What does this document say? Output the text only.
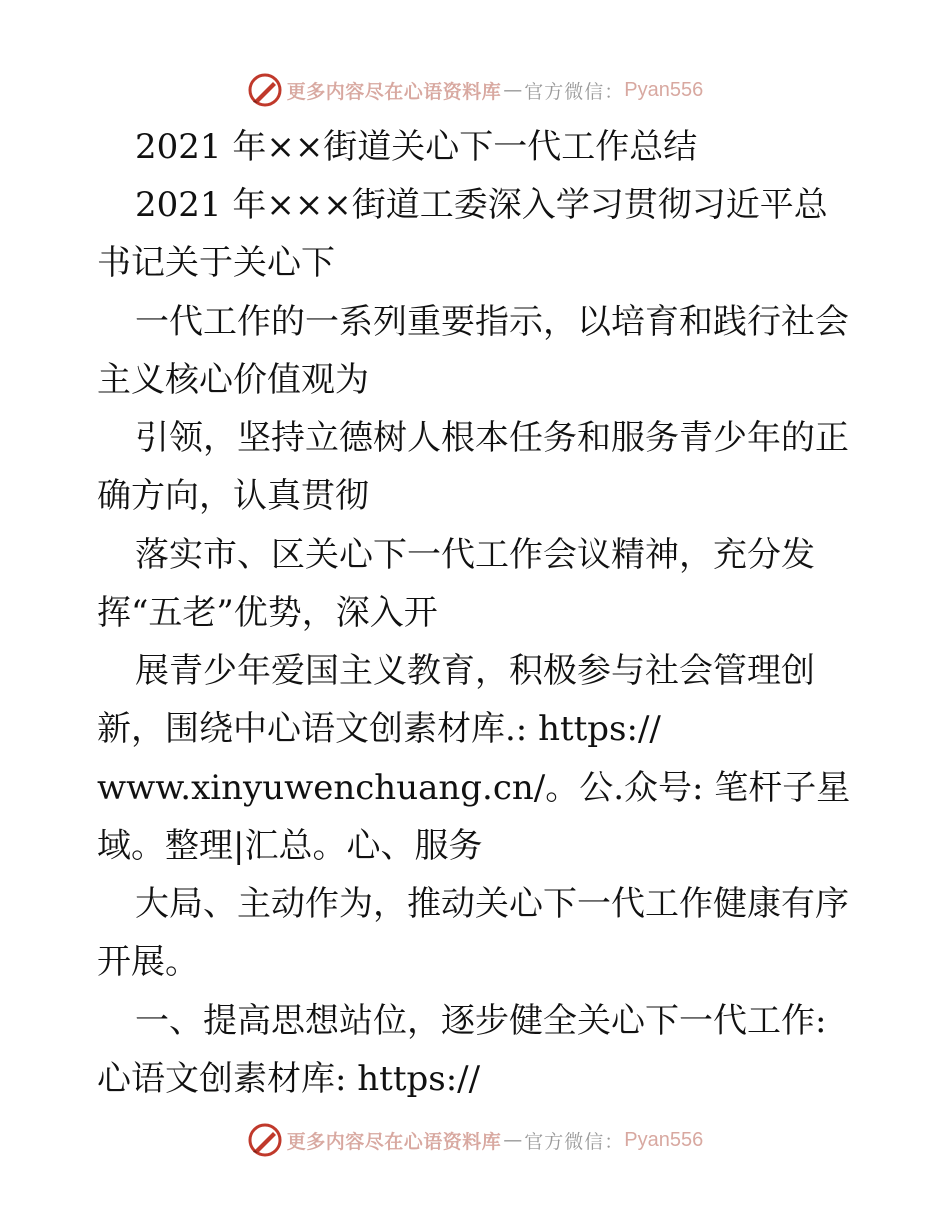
更多内容尽在心语资料库 — 官方微信： Pyan556
2021 年××街道关心下一代工作总结
2021 年×××街道工委深入学习贯彻习近平总
书记关于关心下
一代工作的一系列重要指示，以培育和践行社会
主义核心价值观为
引领，坚持立德树人根本任务和服务青少年的正
确方向，认真贯彻
落实市、区关心下一代工作会议精神，充分发
挥“五老”优势，深入开
展青少年爱国主义教育，积极参与社会管理创
新，围绕中心语文创素材库.: https://
www.xinyuwenchuang.cn/。公.众号: 笔杆子星
域。整理|汇总。心、服务
大局、主动作为，推动关心下一代工作健康有序
开展。
一、提高思想站位，逐步健全关心下一代工作:
心语文创素材库: https://
更多内容尽在心语资料库 — 官方微信： Pyan556
